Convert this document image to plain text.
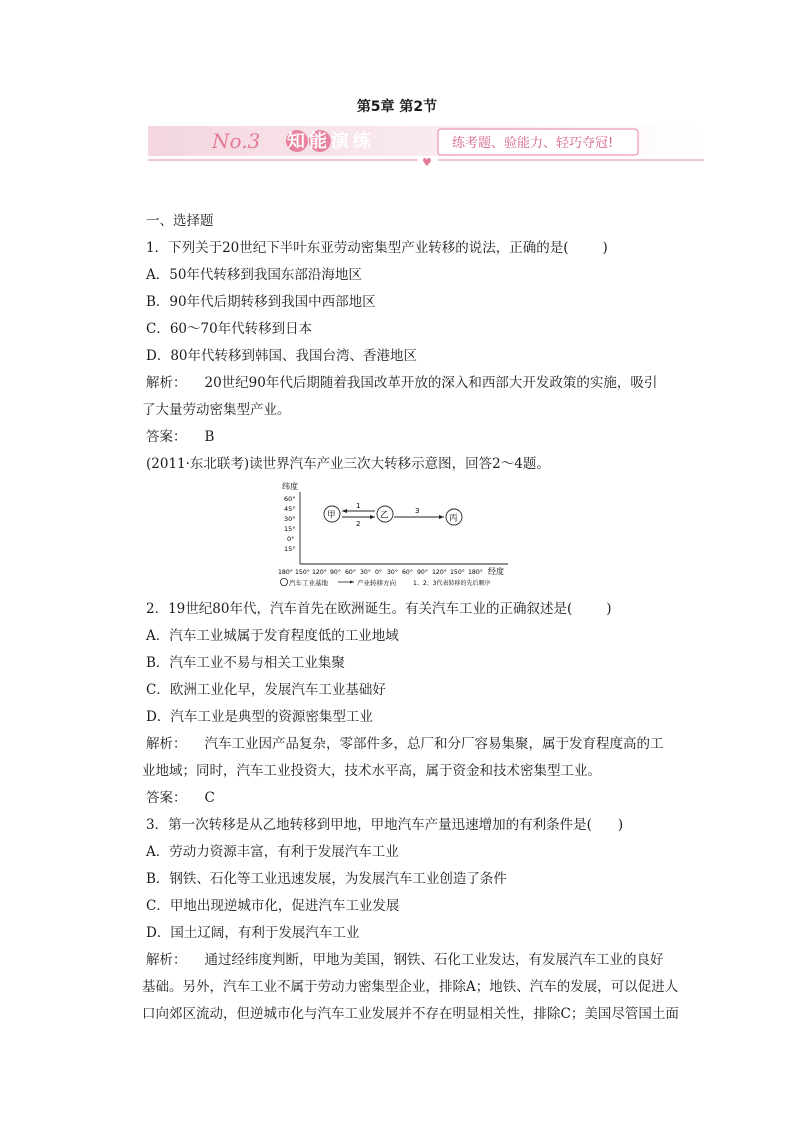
第5章 第2节
No.3 知能演练	练考题、验能力、轻巧夺冠!
♥
一、选择题
1．下列关于20世纪下半叶东亚劳动密集型产业转移的说法，正确的是(	)
A．50年代转移到我国东部沿海地区
B．90年代后期转移到我国中西部地区
C．60～70年代转移到日本
D．80年代转移到韩国、我国台湾、香港地区
解析： 20世纪90年代后期随着我国改革开放的深入和西部大开发政策的实施，吸引
了大量劳动密集型产业。
答案： B
(2011·东北联考)读世界汽车产业三次大转移示意图，回答2～4题。
纬度
60°
45°
30°
15°
0°
15°
180° 150° 120° 90° 60° 30° 0° 30° 60° 90° 120° 150° 180° 经度
甲	乙	丙
1
2
3
汽车工业基地	产业转移方向	1、2、3代表转移的先后顺序
2．19世纪80年代，汽车首先在欧洲诞生。有关汽车工业的正确叙述是(	)
A．汽车工业城属于发育程度低的工业地域
B．汽车工业不易与相关工业集聚
C．欧洲工业化早，发展汽车工业基础好
D．汽车工业是典型的资源密集型工业
解析： 汽车工业因产品复杂，零部件多，总厂和分厂容易集聚，属于发育程度高的工
业地域；同时，汽车工业投资大，技术水平高，属于资金和技术密集型工业。
答案： C
3．第一次转移是从乙地转移到甲地，甲地汽车产量迅速增加的有利条件是( )
A．劳动力资源丰富，有利于发展汽车工业
B．钢铁、石化等工业迅速发展，为发展汽车工业创造了条件
C．甲地出现逆城市化，促进汽车工业发展
D．国土辽阔，有利于发展汽车工业
解析： 通过经纬度判断，甲地为美国，钢铁、石化工业发达，有发展汽车工业的良好
基础。另外，汽车工业不属于劳动力密集型企业，排除A；地铁、汽车的发展，可以促进人
口向郊区流动，但逆城市化与汽车工业发展并不存在明显相关性，排除C；美国尽管国土面
